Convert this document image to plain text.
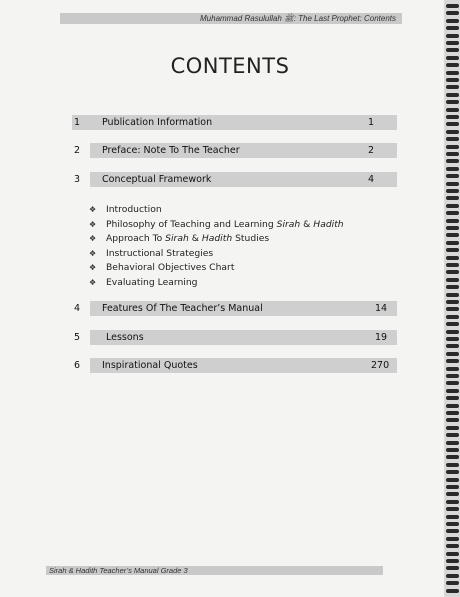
Muhammad Rasulullah ﷺ: The Last Prophet: Contents
CONTENTS
1 Publication Information	1
2 Preface: Note To The Teacher	2
3 Conceptual Framework	4
❖ Introduction
❖ Philosophy of Teaching and Learning Sirah & Hadith
❖ Approach To Sirah & Hadith Studies
❖ Instructional Strategies
❖ Behavioral Objectives Chart
❖ Evaluating Learning
4 Features Of The Teacher’s Manual	14
5	Lessons	19
6 Inspirational Quotes	270
Sirah & Hadith Teacher’s Manual Grade 3
